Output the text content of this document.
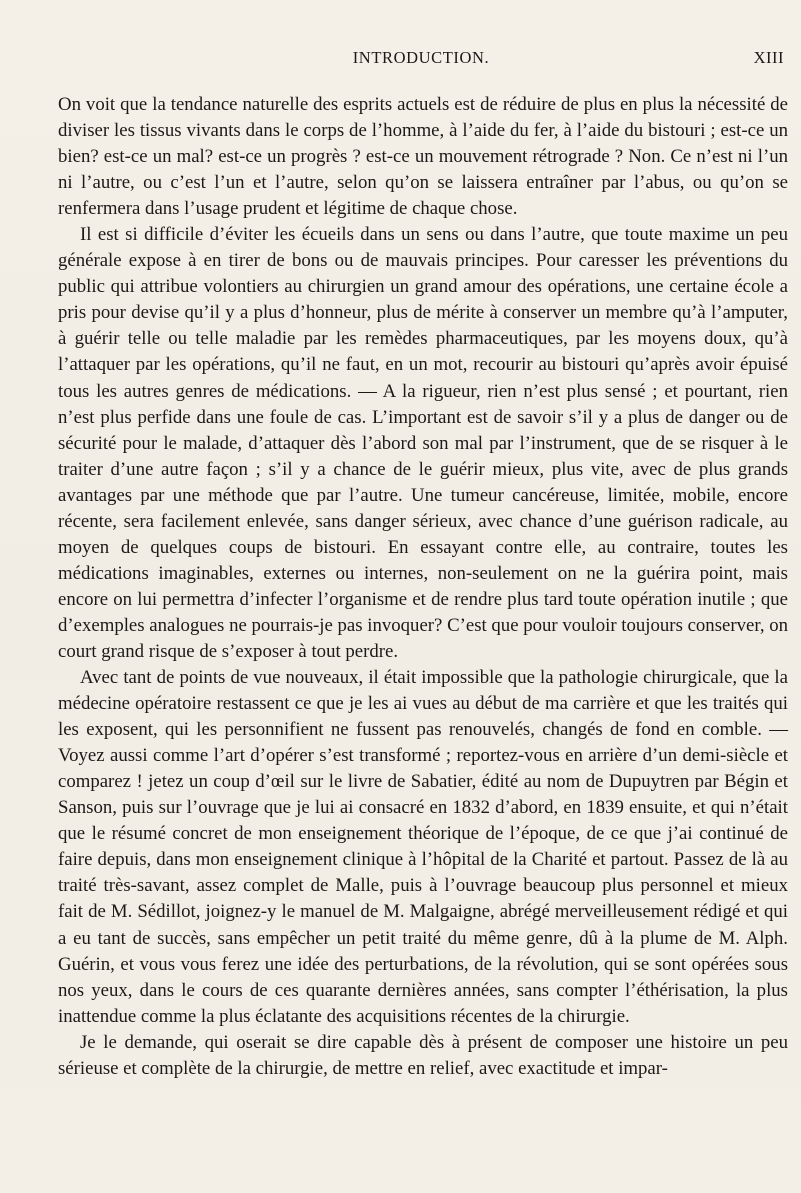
INTRODUCTION.	XIII

On voit que la tendance naturelle des esprits actuels est de réduire de plus en plus la nécessité de diviser les tissus vivants dans le corps de l’homme, à l’aide du fer, à l’aide du bistouri ; est-ce un bien? est-ce un mal? est-ce un progrès ? est-ce un mouvement rétrograde ? Non. Ce n’est ni l’un ni l’autre, ou c’est l’un et l’autre, selon qu’on se laissera entraîner par l’abus, ou qu’on se renfermera dans l’usage prudent et légitime de chaque chose.

Il est si difficile d’éviter les écueils dans un sens ou dans l’autre, que toute maxime un peu générale expose à en tirer de bons ou de mauvais principes. Pour caresser les préventions du public qui attribue volontiers au chirurgien un grand amour des opérations, une certaine école a pris pour devise qu’il y a plus d’honneur, plus de mérite à conserver un membre qu’à l’amputer, à guérir telle ou telle maladie par les remèdes pharmaceutiques, par les moyens doux, qu’à l’attaquer par les opérations, qu’il ne faut, en un mot, recourir au bistouri qu’après avoir épuisé tous les autres genres de médications. — A la rigueur, rien n’est plus sensé ; et pourtant, rien n’est plus perfide dans une foule de cas. L’important est de savoir s’il y a plus de danger ou de sécurité pour le malade, d’attaquer dès l’abord son mal par l’instrument, que de se risquer à le traiter d’une autre façon ; s’il y a chance de le guérir mieux, plus vite, avec de plus grands avantages par une méthode que par l’autre. Une tumeur cancéreuse, limitée, mobile, encore récente, sera facilement enlevée, sans danger sérieux, avec chance d’une guérison radicale, au moyen de quelques coups de bistouri. En essayant contre elle, au contraire, toutes les médications imaginables, externes ou internes, non-seulement on ne la guérira point, mais encore on lui permettra d’infecter l’organisme et de rendre plus tard toute opération inutile ; que d’exemples analogues ne pourrais-je pas invoquer? C’est que pour vouloir toujours conserver, on court grand risque de s’exposer à tout perdre.

Avec tant de points de vue nouveaux, il était impossible que la pathologie chirurgicale, que la médecine opératoire restassent ce que je les ai vues au début de ma carrière et que les traités qui les exposent, qui les personnifient ne fussent pas renouvelés, changés de fond en comble. — Voyez aussi comme l’art d’opérer s’est transformé ; reportez-vous en arrière d’un demi-siècle et comparez ! jetez un coup d’œil sur le livre de Sabatier, édité au nom de Dupuytren par Bégin et Sanson, puis sur l’ouvrage que je lui ai consacré en 1832 d’abord, en 1839 ensuite, et qui n’était que le résumé concret de mon enseignement théorique de l’époque, de ce que j’ai continué de faire depuis, dans mon enseignement clinique à l’hôpital de la Charité et partout. Passez de là au traité très-savant, assez complet de Malle, puis à l’ouvrage beaucoup plus personnel et mieux fait de M. Sédillot, joignez-y le manuel de M. Malgaigne, abrégé merveilleusement rédigé et qui a eu tant de succès, sans empêcher un petit traité du même genre, dû à la plume de M. Alph. Guérin, et vous vous ferez une idée des perturbations, de la révolution, qui se sont opérées sous nos yeux, dans le cours de ces quarante dernières années, sans compter l’éthérisation, la plus inattendue comme la plus éclatante des acquisitions récentes de la chirurgie.

Je le demande, qui oserait se dire capable dès à présent de composer une histoire un peu sérieuse et complète de la chirurgie, de mettre en relief, avec exactitude et impar-
